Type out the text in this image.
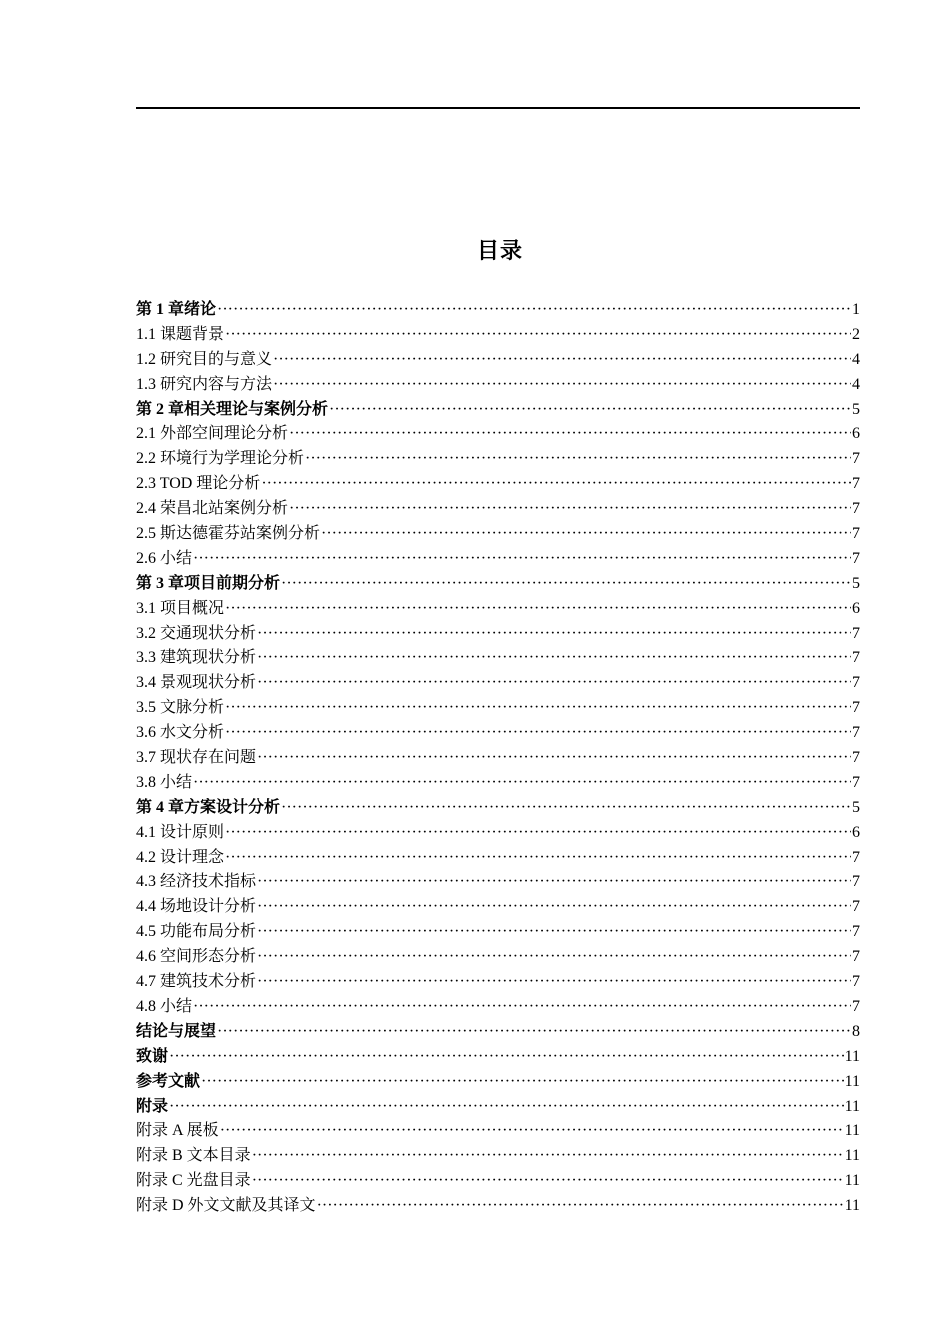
目录
第 1 章绪论 ·····	1
1.1 课题背景 ·····	2
1.2 研究目的与意义 ·····	4
1.3 研究内容与方法 ·····	4
第 2 章相关理论与案例分析 ·····	5
2.1 外部空间理论分析 ·····	6
2.2 环境行为学理论分析 ·····	7
2.3 TOD 理论分析 ·····	7
2.4 荣昌北站案例分析 ·····	7
2.5 斯达德霍芬站案例分析 ·····	7
2.6 小结 ·····	7
第 3 章项目前期分析 ·····	5
3.1 项目概况 ·····	6
3.2 交通现状分析 ·····	7
3.3 建筑现状分析 ·····	7
3.4 景观现状分析 ·····	7
3.5 文脉分析 ·····	7
3.6 水文分析 ·····	7
3.7 现状存在问题 ·····	7
3.8 小结 ·····	7
第 4 章方案设计分析 ·····	5
4.1 设计原则 ·····	6
4.2 设计理念 ·····	7
4.3 经济技术指标 ·····	7
4.4 场地设计分析 ·····	7
4.5 功能布局分析 ·····	7
4.6 空间形态分析 ·····	7
4.7 建筑技术分析 ·····	7
4.8 小结 ·····	7
结论与展望 ·····	8
致谢 ·····	11
参考文献 ·····	11
附录 ·····	11
附录 A 展板 ·····	11
附录 B 文本目录 ·····	11
附录 C 光盘目录 ·····	11
附录 D 外文文献及其译文 ·····	11
